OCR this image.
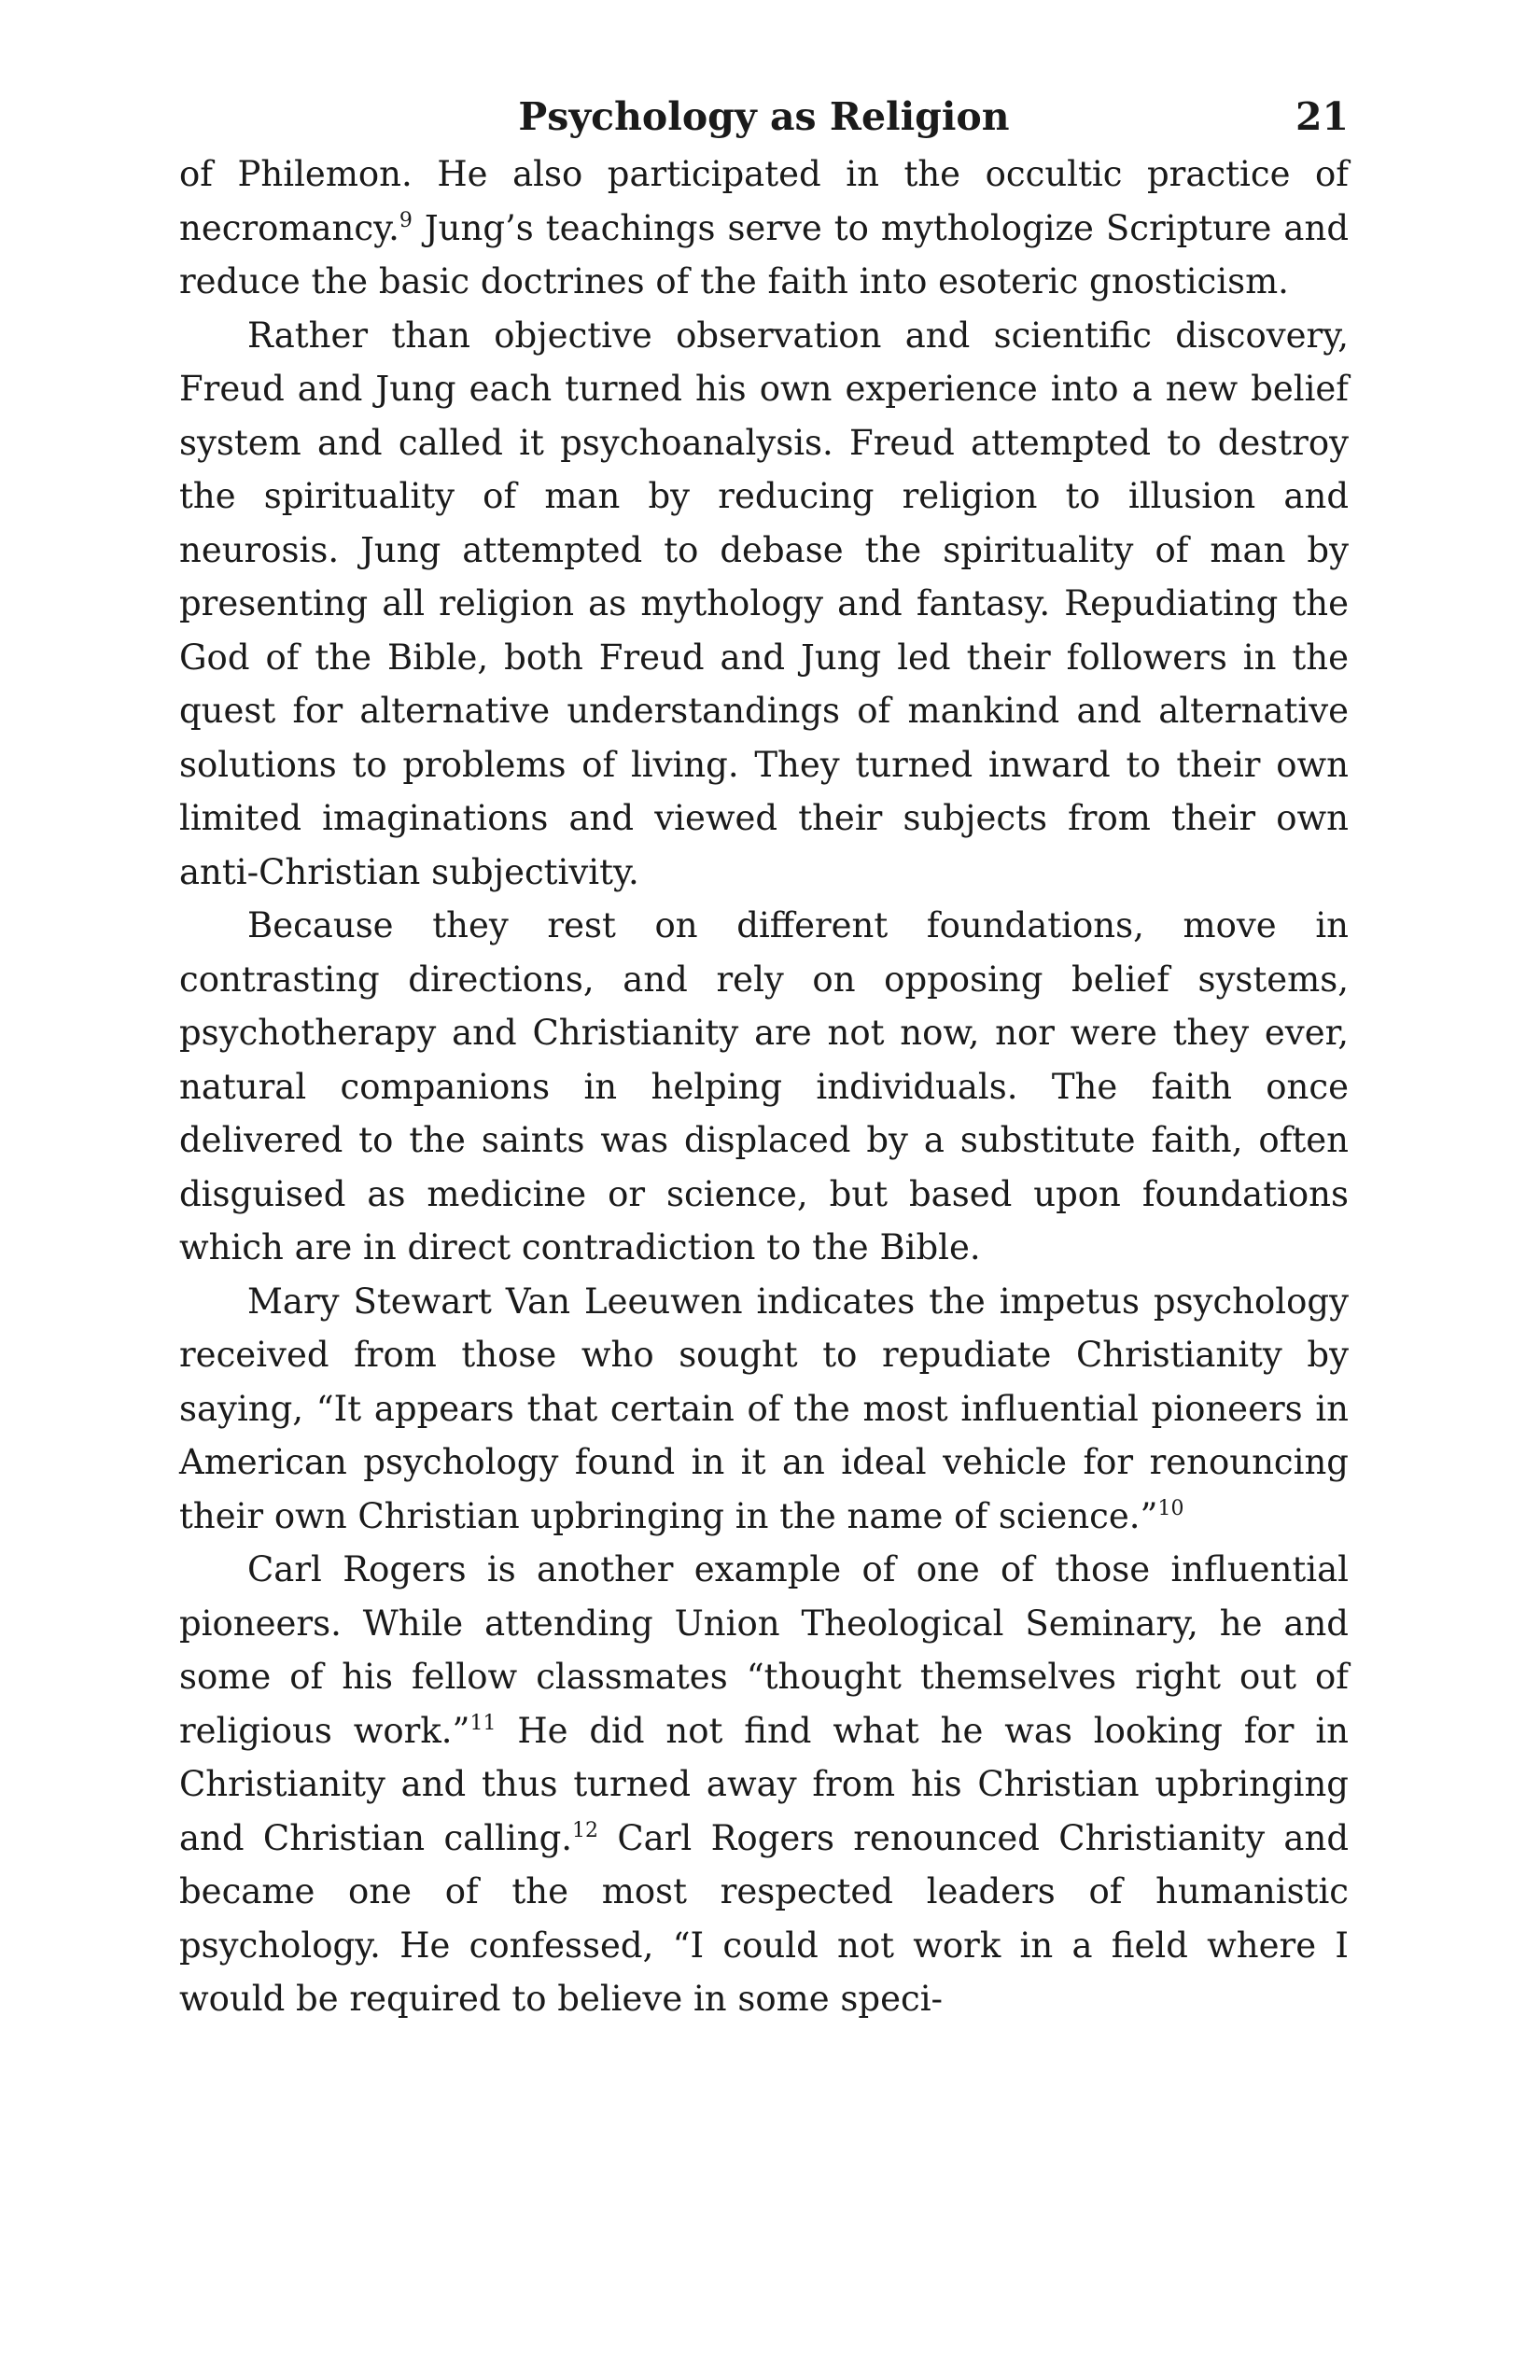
Psychology as Religion	21

of Philemon. He also participated in the occultic practice of necromancy.$^9$ Jung’s teachings serve to mythologize Scripture and reduce the basic doctrines of the faith into esoteric gnosticism.

Rather than objective observation and scientific discovery, Freud and Jung each turned his own experience into a new belief system and called it psychoanalysis. Freud attempted to destroy the spirituality of man by reducing religion to illusion and neurosis. Jung attempted to debase the spirituality of man by presenting all religion as mythology and fantasy. Repudiating the God of the Bible, both Freud and Jung led their followers in the quest for alternative understandings of mankind and alternative solutions to problems of living. They turned inward to their own limited imaginations and viewed their subjects from their own anti-Christian subjectivity.

Because they rest on different foundations, move in contrasting directions, and rely on opposing belief systems, psychotherapy and Christianity are not now, nor were they ever, natural companions in helping individuals. The faith once delivered to the saints was displaced by a substitute faith, often disguised as medicine or science, but based upon foundations which are in direct contradiction to the Bible.

Mary Stewart Van Leeuwen indicates the impetus psychology received from those who sought to repudiate Christianity by saying, “It appears that certain of the most influential pioneers in American psychology found in it an ideal vehicle for renouncing their own Christian upbringing in the name of science.”$^{10}$

Carl Rogers is another example of one of those influential pioneers. While attending Union Theological Seminary, he and some of his fellow classmates “thought themselves right out of religious work.”$^{11}$ He did not find what he was looking for in Christianity and thus turned away from his Christian upbringing and Christian calling.$^{12}$ Carl Rogers renounced Christianity and became one of the most respected leaders of humanistic psychology. He confessed, “I could not work in a field where I would be required to believe in some speci-
